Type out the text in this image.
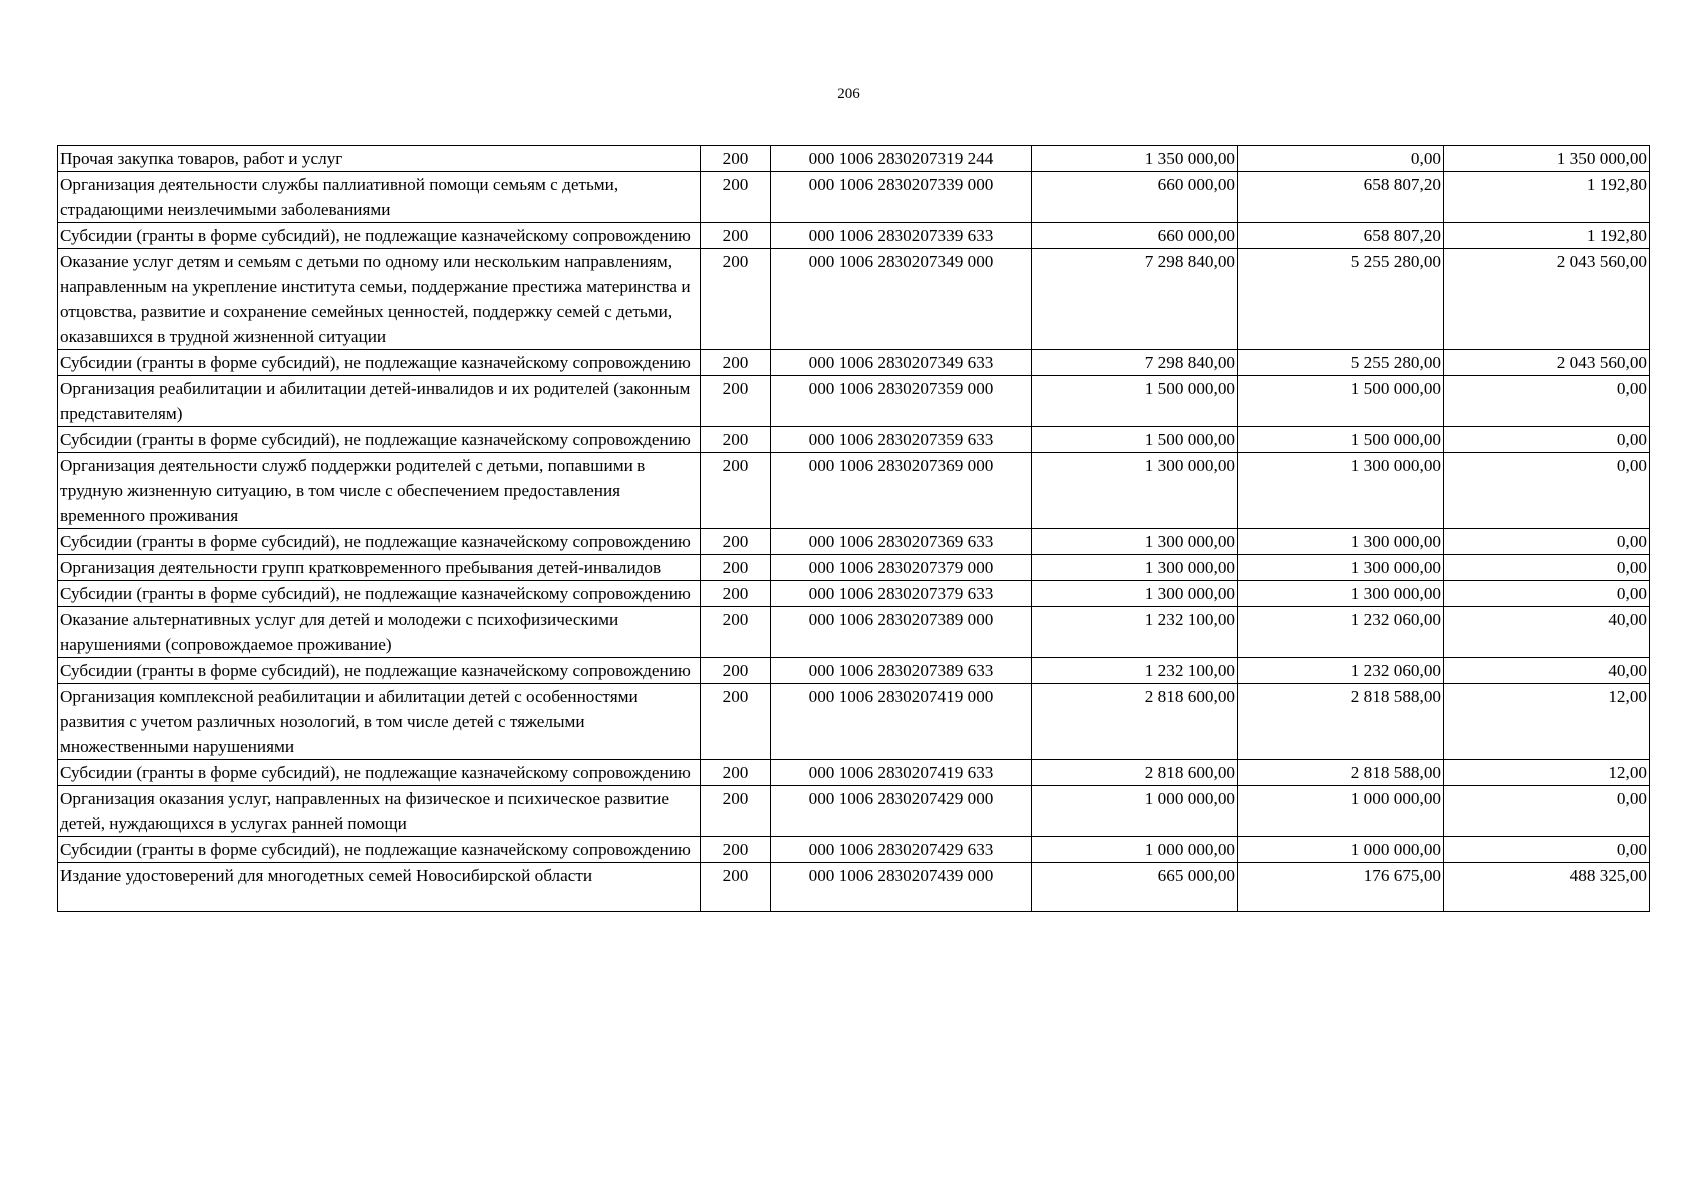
206
Прочая закупка товаров, работ и услуг	200	000 1006 2830207319 244	1 350 000,00	0,00	1 350 000,00
Организация деятельности службы паллиативной помощи семьям с детьми, страдающими неизлечимыми заболеваниями	200	000 1006 2830207339 000	660 000,00	658 807,20	1 192,80
Субсидии (гранты в форме субсидий), не подлежащие казначейскому сопровождению	200	000 1006 2830207339 633	660 000,00	658 807,20	1 192,80
Оказание услуг детям и семьям с детьми по одному или нескольким направлениям, направленным на укрепление института семьи, поддержание престижа материнства и отцовства, развитие и сохранение семейных ценностей, поддержку семей с детьми, оказавшихся в трудной жизненной ситуации	200	000 1006 2830207349 000	7 298 840,00	5 255 280,00	2 043 560,00
Субсидии (гранты в форме субсидий), не подлежащие казначейскому сопровождению	200	000 1006 2830207349 633	7 298 840,00	5 255 280,00	2 043 560,00
Организация реабилитации и абилитации детей-инвалидов и их родителей (законным представителям)	200	000 1006 2830207359 000	1 500 000,00	1 500 000,00	0,00
Субсидии (гранты в форме субсидий), не подлежащие казначейскому сопровождению	200	000 1006 2830207359 633	1 500 000,00	1 500 000,00	0,00
Организация деятельности служб поддержки родителей с детьми, попавшими в трудную жизненную ситуацию, в том числе с обеспечением предоставления временного проживания	200	000 1006 2830207369 000	1 300 000,00	1 300 000,00	0,00
Субсидии (гранты в форме субсидий), не подлежащие казначейскому сопровождению	200	000 1006 2830207369 633	1 300 000,00	1 300 000,00	0,00
Организация деятельности групп кратковременного пребывания детей-инвалидов	200	000 1006 2830207379 000	1 300 000,00	1 300 000,00	0,00
Субсидии (гранты в форме субсидий), не подлежащие казначейскому сопровождению	200	000 1006 2830207379 633	1 300 000,00	1 300 000,00	0,00
Оказание альтернативных услуг для детей и молодежи с психофизическими нарушениями (сопровождаемое проживание)	200	000 1006 2830207389 000	1 232 100,00	1 232 060,00	40,00
Субсидии (гранты в форме субсидий), не подлежащие казначейскому сопровождению	200	000 1006 2830207389 633	1 232 100,00	1 232 060,00	40,00
Организация комплексной реабилитации и абилитации детей с особенностями развития с учетом различных нозологий, в том числе детей с тяжелыми множественными нарушениями	200	000 1006 2830207419 000	2 818 600,00	2 818 588,00	12,00
Субсидии (гранты в форме субсидий), не подлежащие казначейскому сопровождению	200	000 1006 2830207419 633	2 818 600,00	2 818 588,00	12,00
Организация оказания услуг, направленных на физическое и психическое развитие детей, нуждающихся в услугах ранней помощи	200	000 1006 2830207429 000	1 000 000,00	1 000 000,00	0,00
Субсидии (гранты в форме субсидий), не подлежащие казначейскому сопровождению	200	000 1006 2830207429 633	1 000 000,00	1 000 000,00	0,00
Издание удостоверений для многодетных семей Новосибирской области	200	000 1006 2830207439 000	665 000,00	176 675,00	488 325,00
